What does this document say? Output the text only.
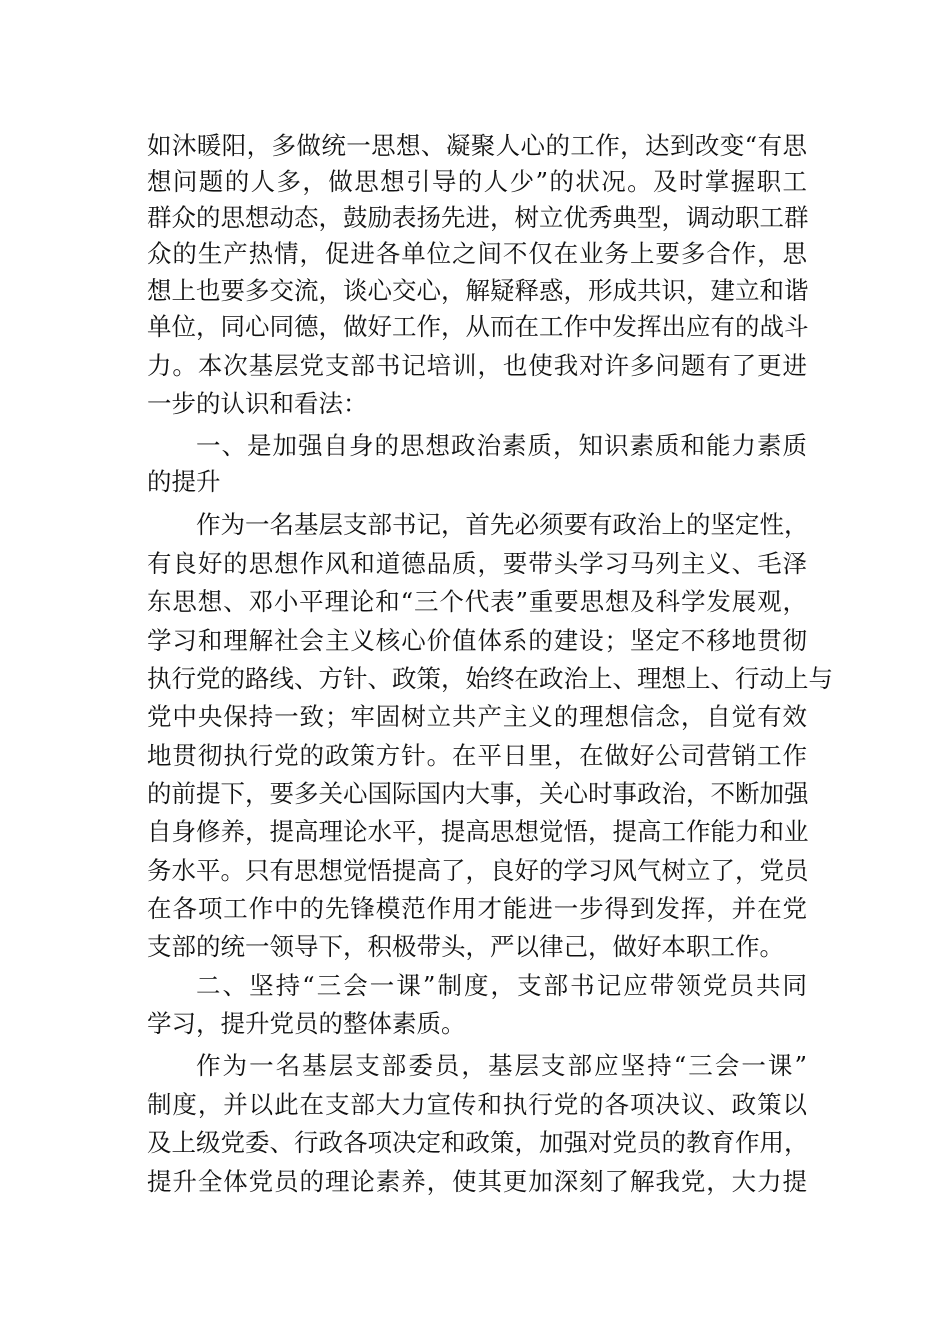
如沐暖阳，多做统一思想、凝聚人心的工作，达到改变“有思
想问题的人多，做思想引导的人少”的状况。及时掌握职工
群众的思想动态，鼓励表扬先进，树立优秀典型，调动职工群
众的生产热情，促进各单位之间不仅在业务上要多合作，思
想上也要多交流，谈心交心，解疑释惑，形成共识，建立和谐
单位，同心同德，做好工作，从而在工作中发挥出应有的战斗
力。本次基层党支部书记培训，也使我对许多问题有了更进
一步的认识和看法：
一、是加强自身的思想政治素质，知识素质和能力素质
的提升
作为一名基层支部书记，首先必须要有政治上的坚定性，
有良好的思想作风和道德品质，要带头学习马列主义、毛泽
东思想、邓小平理论和“三个代表”重要思想及科学发展观，
学习和理解社会主义核心价值体系的建设；坚定不移地贯彻
执行党的路线、方针、政策，始终在政治上、理想上、行动上与
党中央保持一致；牢固树立共产主义的理想信念，自觉有效
地贯彻执行党的政策方针。在平日里，在做好公司营销工作
的前提下，要多关心国际国内大事，关心时事政治，不断加强
自身修养，提高理论水平，提高思想觉悟，提高工作能力和业
务水平。只有思想觉悟提高了，良好的学习风气树立了，党员
在各项工作中的先锋模范作用才能进一步得到发挥，并在党
支部的统一领导下，积极带头，严以律己，做好本职工作。
二、坚持“三会一课”制度，支部书记应带领党员共同
学习，提升党员的整体素质。
作为一名基层支部委员，基层支部应坚持“三会一课”
制度，并以此在支部大力宣传和执行党的各项决议、政策以
及上级党委、行政各项决定和政策，加强对党员的教育作用，
提升全体党员的理论素养，使其更加深刻了解我党，大力提
